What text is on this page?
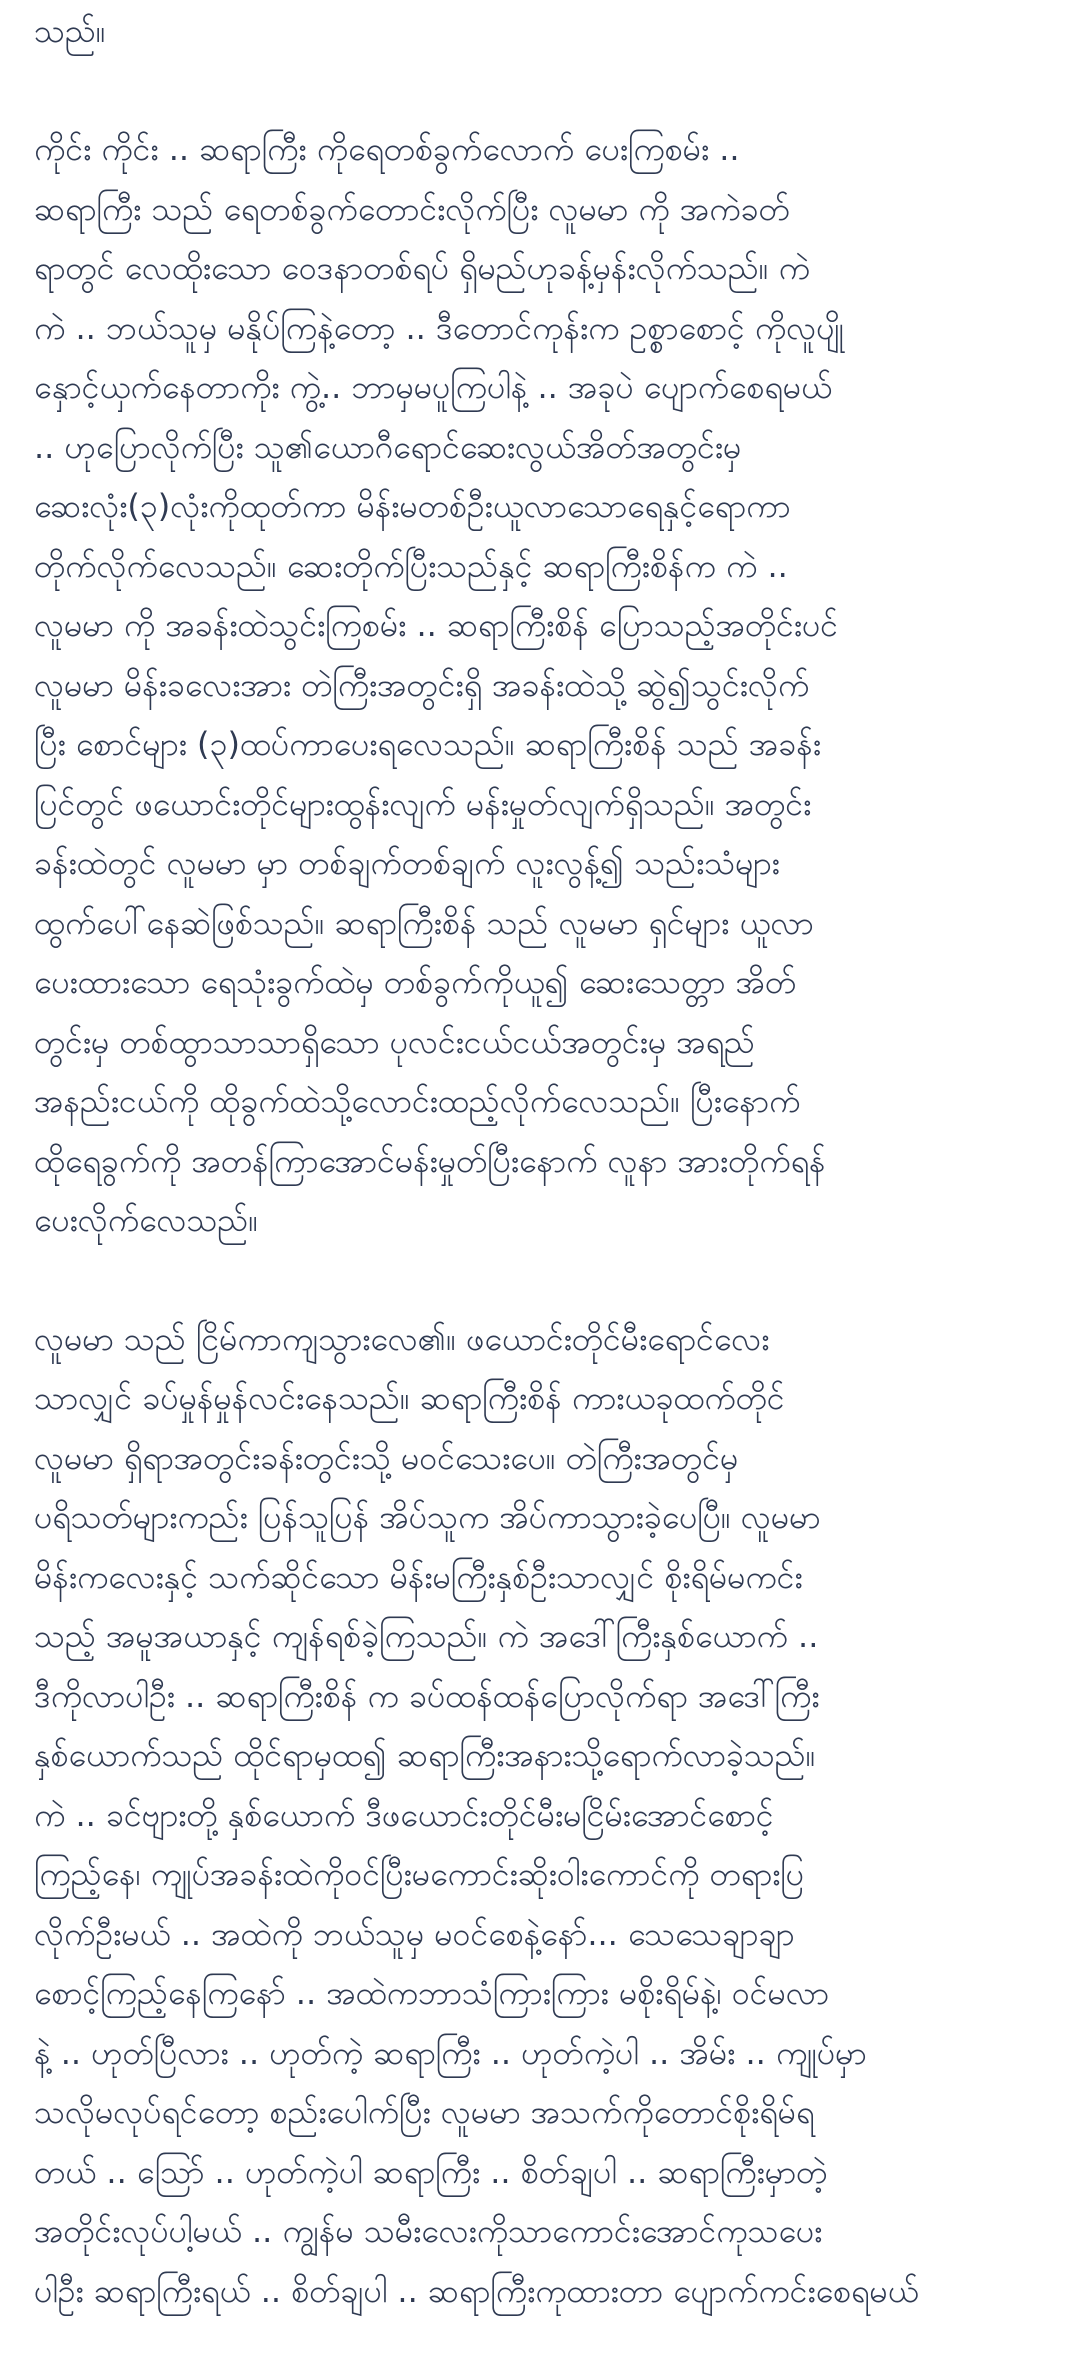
သည်။

ကိုင်း ကိုင်း .. ဆရာကြီး ကိုရေတစ်ခွက်လောက် ပေးကြစမ်း ..
ဆရာကြီး သည် ရေတစ်ခွက်တောင်းလိုက်ပြီး လူမမာ ကို အကဲခတ်
ရာတွင် လေထိုးသော ဝေဒနာတစ်ရပ် ရှိမည်ဟုခန့်မှန်းလိုက်သည်။ ကဲ
ကဲ .. ဘယ်သူမှ မနိုပ်ကြနဲ့တော့ .. ဒီတောင်ကုန်းက ဥစ္စာစောင့် ကိုလူပျို
နှောင့်ယှက်နေတာကိုး ကွဲ့.. ဘာမှမပူကြပါနဲ့ .. အခုပဲ ပျောက်စေရမယ်
.. ဟုပြောလိုက်ပြီး သူ၏ယောဂီရောင်ဆေးလွယ်အိတ်အတွင်းမှ
ဆေးလုံး(၃)လုံးကိုထုတ်ကာ မိန်းမတစ်ဦးယူလာသောရေနှင့်ရောကာ
တိုက်လိုက်လေသည်။ ဆေးတိုက်ပြီးသည်နှင့် ဆရာကြီးစိန်က ကဲ ..
လူမမာ ကို အခန်းထဲသွင်းကြစမ်း .. ဆရာကြီးစိန် ပြောသည့်အတိုင်းပင်
လူမမာ မိန်းခလေးအား တဲကြီးအတွင်းရှိ အခန်းထဲသို့ ဆွဲ၍သွင်းလိုက်
ပြီး စောင်များ (၃)ထပ်ကာပေးရလေသည်။ ဆရာကြီးစိန် သည် အခန်း
ပြင်တွင် ဖယောင်းတိုင်များထွန်းလျက် မန်းမှုတ်လျက်ရှိသည်။ အတွင်း
ခန်းထဲတွင် လူမမာ မှာ တစ်ချက်တစ်ချက် လူးလွန့်၍ သည်းသံများ
ထွက်ပေါ်နေဆဲဖြစ်သည်။ ဆရာကြီးစိန် သည် လူမမာ ရှင်များ ယူလာ
ပေးထားသော ရေသုံးခွက်ထဲမှ တစ်ခွက်ကိုယူ၍ ဆေးသေတ္တာ အိတ်
တွင်းမှ တစ်ထွာသာသာရှိသော ပုလင်းငယ်ငယ်အတွင်းမှ အရည်
အနည်းငယ်ကို ထိုခွက်ထဲသို့လောင်းထည့်လိုက်လေသည်။ ပြီးနောက်
ထိုရေခွက်ကို အတန်ကြာအောင်မန်းမှုတ်ပြီးနောက် လူနာ အားတိုက်ရန်
ပေးလိုက်လေသည်။

လူမမာ သည် ငြိမ်ကာကျသွားလေ၏။ ဖယောင်းတိုင်မီးရောင်လေး
သာလျှင် ခပ်မှုန်မှုန်လင်းနေသည်။ ဆရာကြီးစိန် ကားယခုထက်တိုင်
လူမမာ ရှိရာအတွင်းခန်းတွင်းသို့ မဝင်သေးပေ။ တဲကြီးအတွင်မှ
ပရိသတ်များကည်း ပြန်သူပြန် အိပ်သူက အိပ်ကာသွားခဲ့ပေပြီ။ လူမမာ
မိန်းကလေးနှင့် သက်ဆိုင်သော မိန်းမကြီးနှစ်ဦးသာလျှင် စိုးရိမ်မကင်း
သည့် အမူအယာနှင့် ကျန်ရစ်ခဲ့ကြသည်။ ကဲ အဒေါ်ကြီးနှစ်ယောက် ..
ဒီကိုလာပါဦး .. ဆရာကြီးစိန် က ခပ်ထန်ထန်ပြောလိုက်ရာ အဒေါ်ကြီး
နှစ်ယောက်သည် ထိုင်ရာမှထ၍ ဆရာကြီးအနားသို့ရောက်လာခဲ့သည်။
ကဲ .. ခင်ဗျားတို့ နှစ်ယောက် ဒီဖယောင်းတိုင်မီးမငြိမ်းအောင်စောင့်
ကြည့်နေ၊ ကျုပ်အခန်းထဲကိုဝင်ပြီးမကောင်းဆိုးဝါးကောင်ကို တရားပြ
လိုက်ဦးမယ် .. အထဲကို ဘယ်သူမှ မဝင်စေနဲ့နော်... သေသေချာချာ
စောင့်ကြည့်နေကြနော် .. အထဲကဘာသံကြားကြား မစိုးရိမ်နဲ့၊ ဝင်မလာ
နဲ့ .. ဟုတ်ပြီလား .. ဟုတ်ကဲ့ ဆရာကြီး .. ဟုတ်ကဲ့ပါ .. အိမ်း .. ကျုပ်မှာ
သလိုမလုပ်ရင်တော့ စည်းပေါက်ပြီး လူမမာ အသက်ကိုတောင်စိုးရိမ်ရ
တယ် .. ဩော် .. ဟုတ်ကဲ့ပါ ဆရာကြီး .. စိတ်ချပါ .. ဆရာကြီးမှာတဲ့
အတိုင်းလုပ်ပါ့မယ် .. ကျွန်မ သမီးလေးကိုသာကောင်းအောင်ကုသပေး
ပါဦး ဆရာကြီးရယ် .. စိတ်ချပါ .. ဆရာကြီးကုထားတာ ပျောက်ကင်းစေရမယ်
